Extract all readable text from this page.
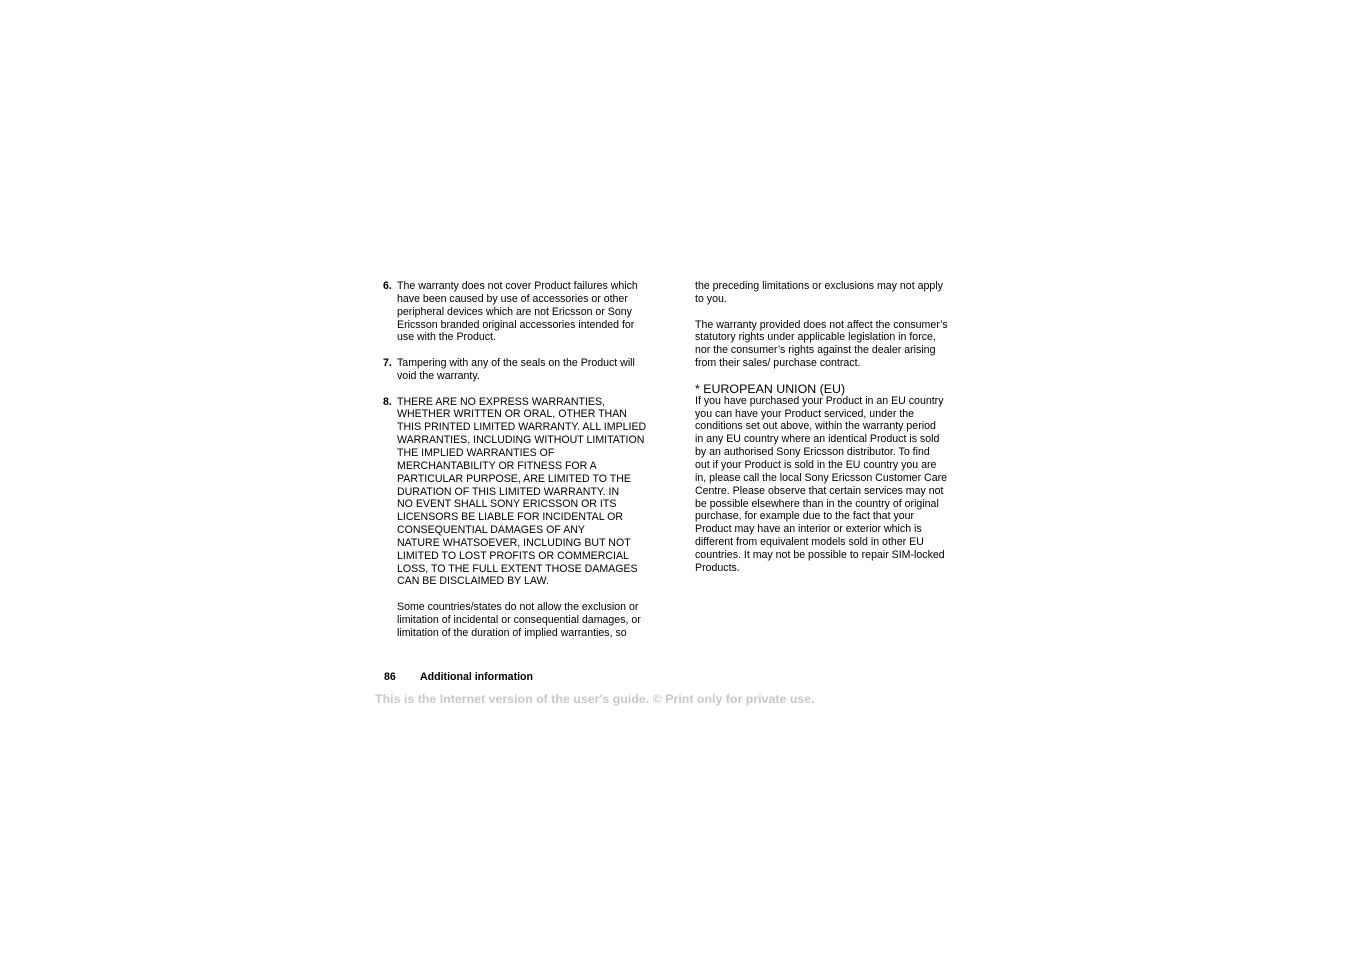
6. The warranty does not cover Product failures which
have been caused by use of accessories or other
peripheral devices which are not Ericsson or Sony
Ericsson branded original accessories intended for
use with the Product.
7. Tampering with any of the seals on the Product will
void the warranty.
8. THERE ARE NO EXPRESS WARRANTIES,
WHETHER WRITTEN OR ORAL, OTHER THAN
THIS PRINTED LIMITED WARRANTY. ALL IMPLIED
WARRANTIES, INCLUDING WITHOUT LIMITATION
THE IMPLIED WARRANTIES OF
MERCHANTABILITY OR FITNESS FOR A
PARTICULAR PURPOSE, ARE LIMITED TO THE
DURATION OF THIS LIMITED WARRANTY. IN
NO EVENT SHALL SONY ERICSSON OR ITS
LICENSORS BE LIABLE FOR INCIDENTAL OR
CONSEQUENTIAL DAMAGES OF ANY
NATURE WHATSOEVER, INCLUDING BUT NOT
LIMITED TO LOST PROFITS OR COMMERCIAL
LOSS, TO THE FULL EXTENT THOSE DAMAGES
CAN BE DISCLAIMED BY LAW.
Some countries/states do not allow the exclusion or
limitation of incidental or consequential damages, or
limitation of the duration of implied warranties, so
the preceding limitations or exclusions may not apply
to you.
The warranty provided does not affect the consumer’s
statutory rights under applicable legislation in force,
nor the consumer’s rights against the dealer arising
from their sales/ purchase contract.
* EUROPEAN UNION (EU)
If you have purchased your Product in an EU country
you can have your Product serviced, under the
conditions set out above, within the warranty period
in any EU country where an identical Product is sold
by an authorised Sony Ericsson distributor. To find
out if your Product is sold in the EU country you are
in, please call the local Sony Ericsson Customer Care
Centre. Please observe that certain services may not
be possible elsewhere than in the country of original
purchase, for example due to the fact that your
Product may have an interior or exterior which is
different from equivalent models sold in other EU
countries. It may not be possible to repair SIM-locked
Products.
86	Additional information
This is the Internet version of the user's guide. © Print only for private use.
